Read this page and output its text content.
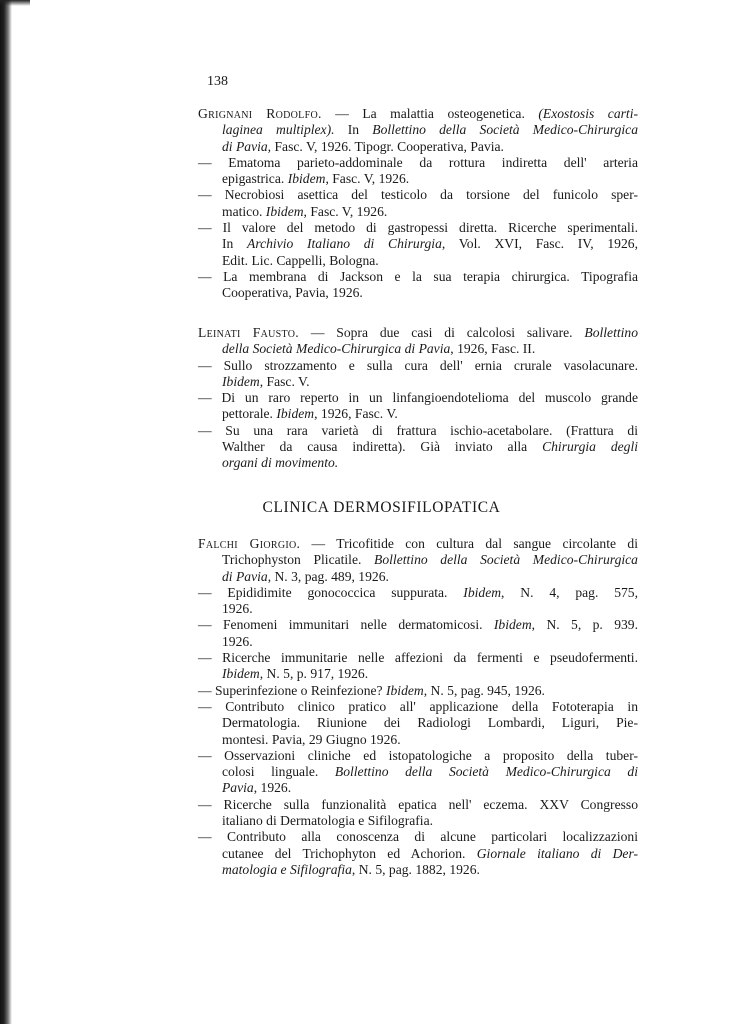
138
Grignani Rodolfo. — La malattia osteogenetica. (Exostosis carti-
laginea multiplex). In Bollettino della Società Medico-Chirurgica
di Pavia, Fasc. V, 1926. Tipogr. Cooperativa, Pavia.
— Ematoma parieto-addominale da rottura indiretta dell' arteria
epigastrica. Ibidem, Fasc. V, 1926.
— Necrobiosi asettica del testicolo da torsione del funicolo sper-
matico. Ibidem, Fasc. V, 1926.
— Il valore del metodo di gastropessi diretta. Ricerche sperimentali.
In Archivio Italiano di Chirurgia, Vol. XVI, Fasc. IV, 1926,
Edit. Lic. Cappelli, Bologna.
— La membrana di Jackson e la sua terapia chirurgica. Tipografia
Cooperativa, Pavia, 1926.
Leinati Fausto. — Sopra due casi di calcolosi salivare. Bollettino
della Società Medico-Chirurgica di Pavia, 1926, Fasc. II.
— Sullo strozzamento e sulla cura dell' ernia crurale vasolacunare.
Ibidem, Fasc. V.
— Di un raro reperto in un linfangioendotelioma del muscolo grande
pettorale. Ibidem, 1926, Fasc. V.
— Su una rara varietà di frattura ischio-acetabolare. (Frattura di
Walther da causa indiretta). Già inviato alla Chirurgia degli
organi di movimento.
CLINICA DERMOSIFILOPATICA
Falchi Giorgio. — Tricofitide con cultura dal sangue circolante di
Trichophyston Plicatile. Bollettino della Società Medico-Chirurgica
di Pavia, N. 3, pag. 489, 1926.
— Epididimite gonococcica suppurata. Ibidem, N. 4, pag. 575,
1926.
— Fenomeni immunitari nelle dermatomicosi. Ibidem, N. 5, p. 939.
1926.
— Ricerche immunitarie nelle affezioni da fermenti e pseudofermenti.
Ibidem, N. 5, p. 917, 1926.
— Superinfezione o Reinfezione? Ibidem, N. 5, pag. 945, 1926.
— Contributo clinico pratico all' applicazione della Fototerapia in
Dermatologia. Riunione dei Radiologi Lombardi, Liguri, Pie-
montesi. Pavia, 29 Giugno 1926.
— Osservazioni cliniche ed istopatologiche a proposito della tuber-
colosi linguale. Bollettino della Società Medico-Chirurgica di
Pavia, 1926.
— Ricerche sulla funzionalità epatica nell' eczema. XXV Congresso
italiano di Dermatologia e Sifilografia.
— Contributo alla conoscenza di alcune particolari localizzazioni
cutanee del Trichophyton ed Achorion. Giornale italiano di Der-
matologia e Sifilografia, N. 5, pag. 1882, 1926.
